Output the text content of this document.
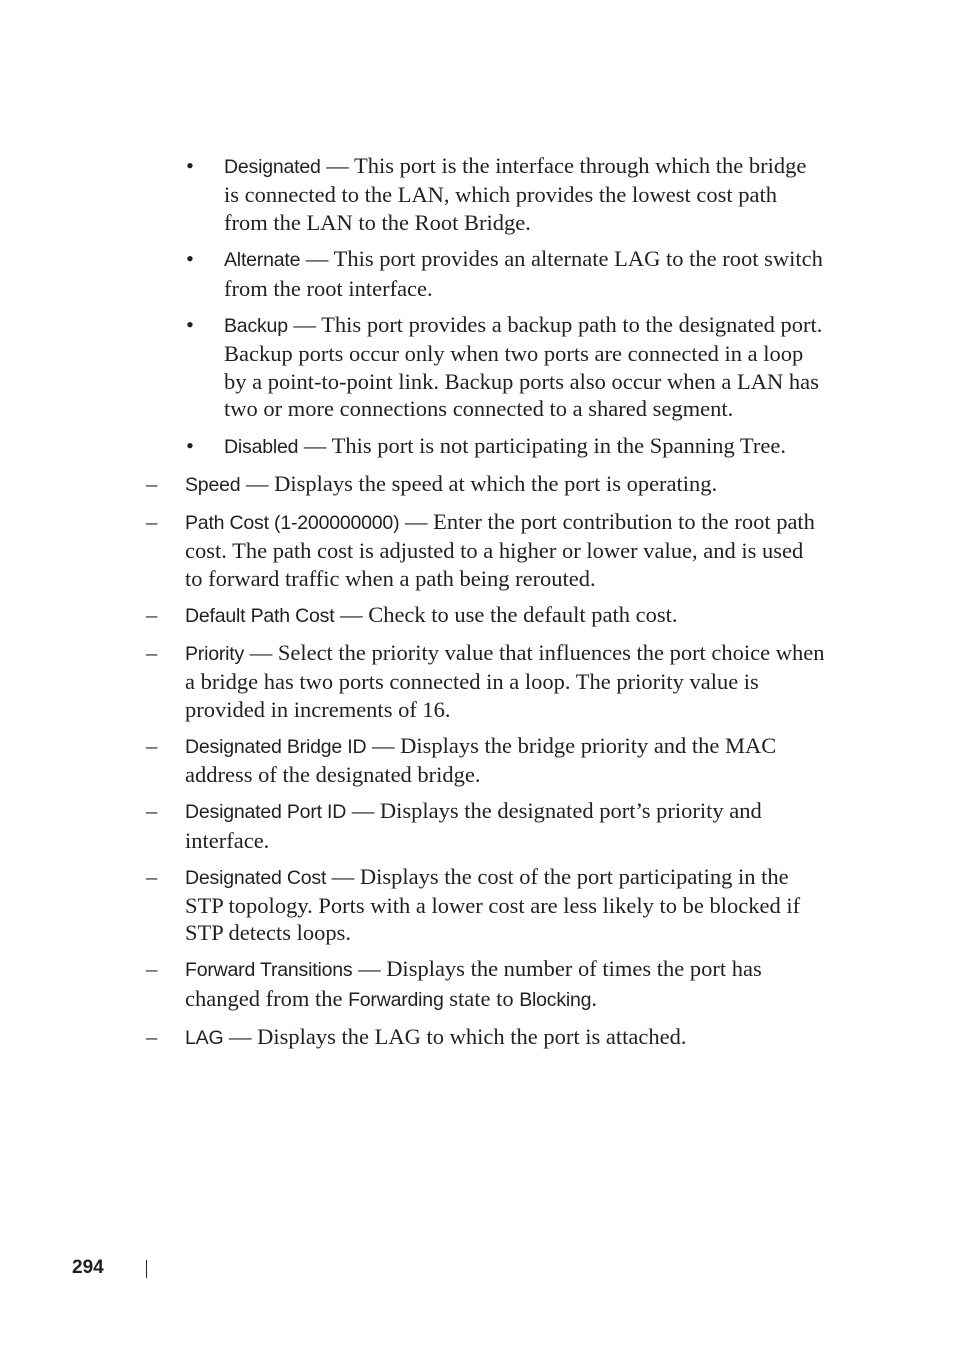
• Designated — This port is the interface through which the bridge is connected to the LAN, which provides the lowest cost path from the LAN to the Root Bridge.
• Alternate — This port provides an alternate LAG to the root switch from the root interface.
• Backup — This port provides a backup path to the designated port. Backup ports occur only when two ports are connected in a loop by a point-to-point link. Backup ports also occur when a LAN has two or more connections connected to a shared segment.
• Disabled — This port is not participating in the Spanning Tree.
– Speed — Displays the speed at which the port is operating.
– Path Cost (1-200000000) — Enter the port contribution to the root path cost. The path cost is adjusted to a higher or lower value, and is used to forward traffic when a path being rerouted.
– Default Path Cost — Check to use the default path cost.
– Priority — Select the priority value that influences the port choice when a bridge has two ports connected in a loop. The priority value is provided in increments of 16.
– Designated Bridge ID — Displays the bridge priority and the MAC address of the designated bridge.
– Designated Port ID — Displays the designated port’s priority and interface.
– Designated Cost — Displays the cost of the port participating in the STP topology. Ports with a lower cost are less likely to be blocked if STP detects loops.
– Forward Transitions — Displays the number of times the port has changed from the Forwarding state to Blocking.
– LAG — Displays the LAG to which the port is attached.
294
